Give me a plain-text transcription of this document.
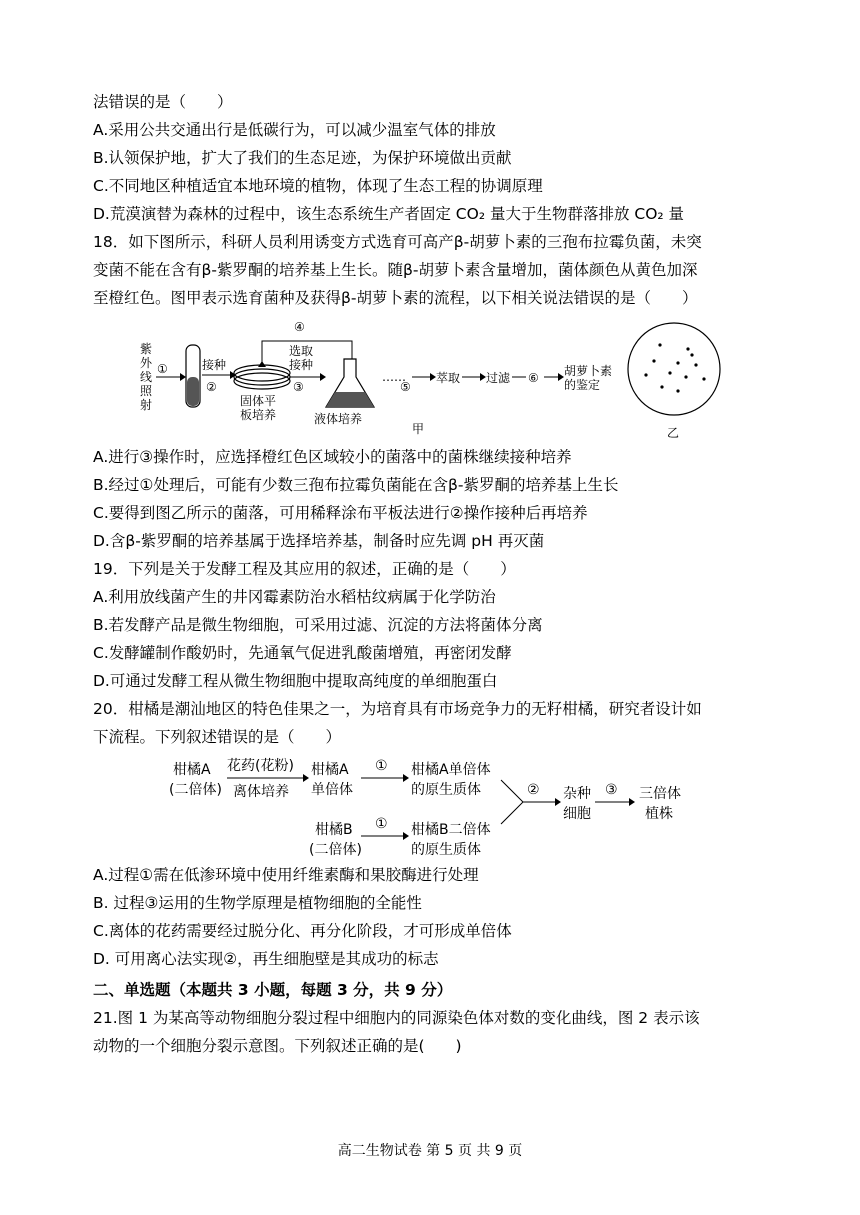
法错误的是（　　）
A.采用公共交通出行是低碳行为，可以减少温室气体的排放
B.认领保护地，扩大了我们的生态足迹，为保护环境做出贡献
C.不同地区种植适宜本地环境的植物，体现了生态工程的协调原理
D.荒漠演替为森林的过程中，该生态系统生产者固定 CO₂ 量大于生物群落排放 CO₂ 量
18．如下图所示，科研人员利用诱变方式选育可高产β-胡萝卜素的三孢布拉霉负菌，未突
变菌不能在含有β-紫罗酮的培养基上生长。随β-胡萝卜素含量增加，菌体颜色从黄色加深
至橙红色。图甲表示选育菌种及获得β-胡萝卜素的流程，以下相关说法错误的是（　　）
紫
外
线
照
射
①	接种
②
固体平
板培养
④
选取
接种
③
液体培养
……
⑤
萃取 过滤 ⑥ 胡萝卜素
的鉴定
甲	乙
A.进行③操作时，应选择橙红色区域较小的菌落中的菌株继续接种培养
B.经过①处理后，可能有少数三孢布拉霉负菌能在含β-紫罗酮的培养基上生长
C.要得到图乙所示的菌落，可用稀释涂布平板法进行②操作接种后再培养
D.含β-紫罗酮的培养基属于选择培养基，制备时应先调 pH 再灭菌
19．下列是关于发酵工程及其应用的叙述，正确的是（　　）
A.利用放线菌产生的井冈霉素防治水稻枯纹病属于化学防治
B.若发酵产品是微生物细胞，可采用过滤、沉淀的方法将菌体分离
C.发酵罐制作酸奶时，先通氧气促进乳酸菌增殖，再密闭发酵
D.可通过发酵工程从微生物细胞中提取高纯度的单细胞蛋白
20．柑橘是潮汕地区的特色佳果之一，为培育具有市场竞争力的无籽柑橘，研究者设计如
下流程。下列叙述错误的是（　　）
柑橘A
(二倍体)
花药(花粉)
离体培养
柑橘A
单倍体
① 柑橘A单倍体
的原生质体
柑橘B
(二倍体)
① 柑橘B二倍体
的原生质体
② 杂种
细胞
③ 三倍体
植株
A.过程①需在低渗环境中使用纤维素酶和果胶酶进行处理
B. 过程③运用的生物学原理是植物细胞的全能性
C.离体的花药需要经过脱分化、再分化阶段，才可形成单倍体
D. 可用离心法实现②，再生细胞壁是其成功的标志
二、单选题（本题共 3 小题，每题 3 分，共 9 分）
21.图 1 为某高等动物细胞分裂过程中细胞内的同源染色体对数的变化曲线，图 2 表示该
动物的一个细胞分裂示意图。下列叙述正确的是(　　)
高二生物试卷 第 5 页 共 9 页
